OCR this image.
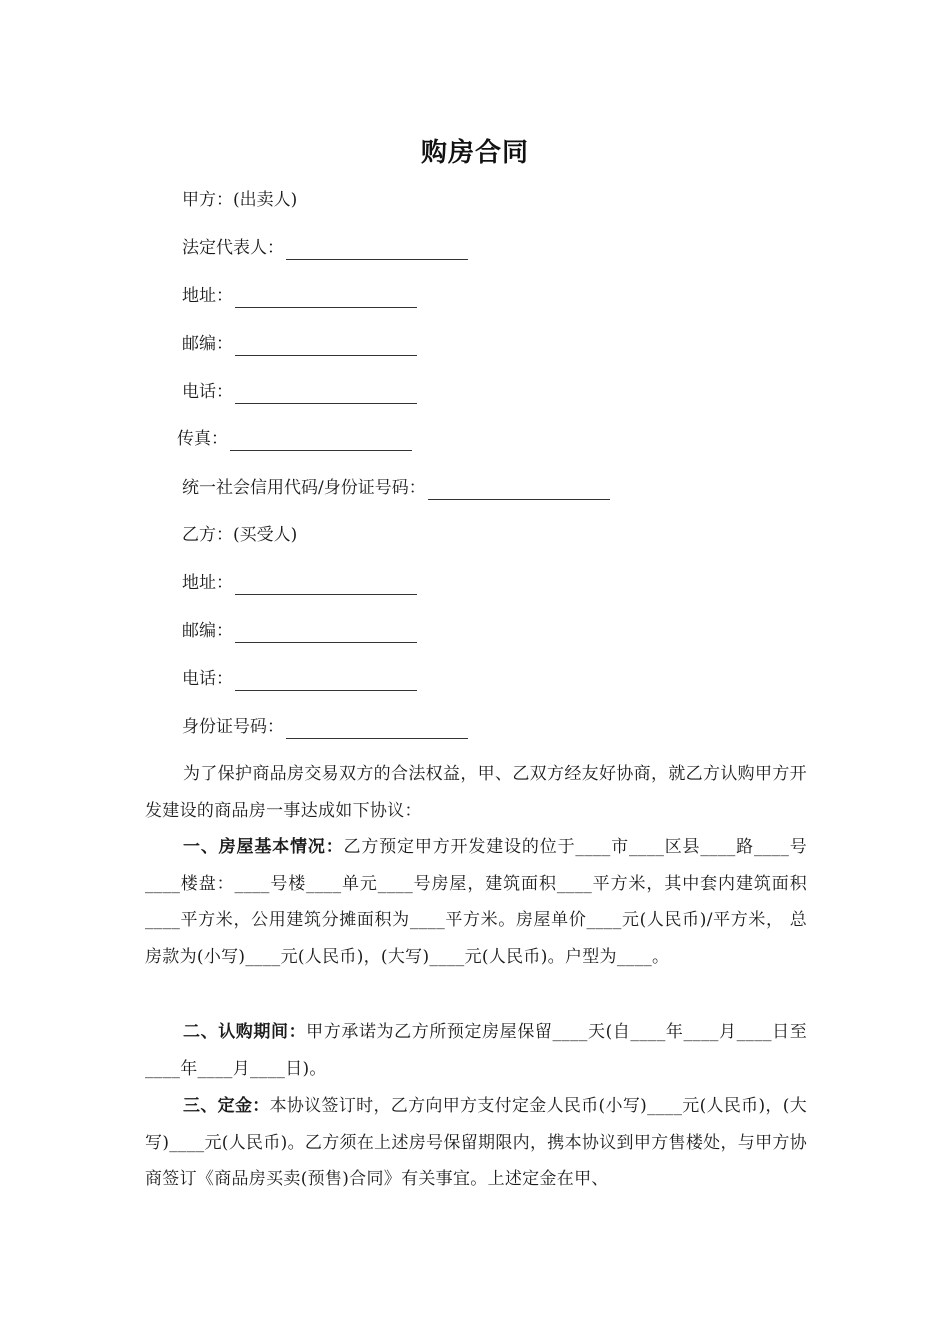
购房合同
甲方：(出卖人)
法定代表人：
地址：
邮编：
电话：
传真：
统一社会信用代码/身份证号码：
乙方：(买受人)
地址：
邮编：
电话：
身份证号码：
为了保护商品房交易双方的合法权益，甲、乙双方经友好协商，就乙方认购甲方开发建设的商品房一事达成如下协议：
一、房屋基本情况：乙方预定甲方开发建设的位于____市____区县____路____号____楼盘：____号楼____单元____号房屋，建筑面积____平方米，其中套内建筑面积____平方米，公用建筑分摊面积为____平方米。房屋单价____元(人民币)/平方米， 总房款为(小写)____元(人民币)，(大写)____元(人民币)。户型为____。
二、认购期间：甲方承诺为乙方所预定房屋保留____天(自____年____月____日至____年____月____日)。
三、定金：本协议签订时，乙方向甲方支付定金人民币(小写)____元(人民币)，(大写)____元(人民币)。乙方须在上述房号保留期限内，携本协议到甲方售楼处，与甲方协商签订《商品房买卖(预售)合同》有关事宜。上述定金在甲、
